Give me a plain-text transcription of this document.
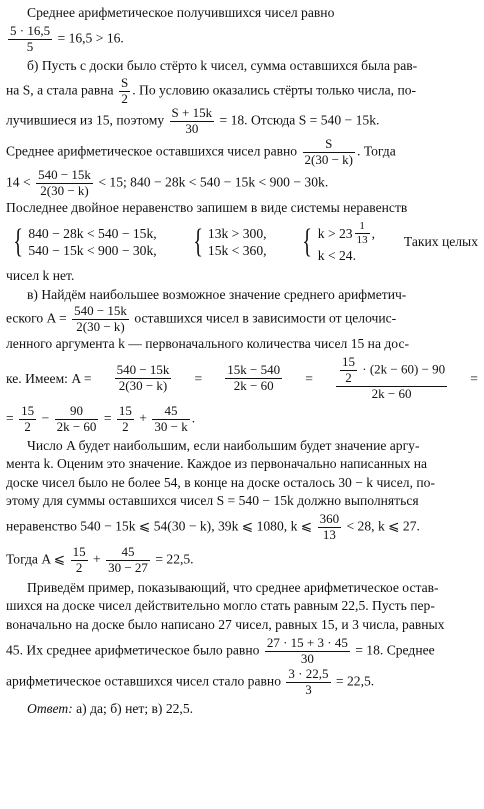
Среднее арифметическое получившихся чисел равно

$\frac{5 \cdot 16,5}{5} = 16,5 > 16$.

б) Пусть с доски было стёрто k чисел, сумма оставшихся была рав-

на S, а стала равна $\frac{S}{2}$ . По условию оказались стёрты только числа, по-

лучившиеся из 15, поэтому $\frac{S + 15k}{30} = 18$. Отсюда S = 540 − 15k.

Среднее арифметическое оставшихся чисел равно $\frac{S}{2(30 - k)}$ . Тогда

$14 < \frac{540 - 15k}{2(30 - k)} < 15$; 840 − 28k < 540 − 15k < 900 − 30k.

Последнее двойное неравенство запишем в виде системы неравенств

{ 840 − 28k < 540 − 15k,
540 − 15k < 900 − 30k, { 13k > 300,
15k < 360, { $k > 23 \frac{1}{13}$ ,
k < 24.
Таких целых

чисел k нет.

в) Найдём наибольшее возможное значение среднего арифметич-

еского $A = \frac{540 - 15k}{2(30 - k)}$ оставшихся чисел в зависимости от целочис-

ленного аргумента k — первоначального количества чисел 15 на дос-

ке. Имеем: $A = \frac{540 - 15k}{2(30 - k)} = \frac{15k - 540}{2k - 60} = \frac{\frac{15}{2} \cdot (2k - 60) - 90}{2k - 60}$ =
= $\frac{15}{2} - \frac{90}{2k - 60} = \frac{15}{2} + \frac{45}{30 - k}$ .

Число A будет наибольшим, если наибольшим будет значение аргу-

мента k. Оценим это значение. Каждое из первоначально написанных на

доске чисел было не более 54, в конце на доске осталось 30 − k чисел, по-

этому для суммы оставшихся чисел S = 540 − 15k должно выполняться

неравенство 540 − 15k ⩽ 54(30 − k), 39k ⩽ 1080, k ⩽ $\frac{360}{13} < 28$, k ⩽ 27.

Тогда A ⩽ $\frac{15}{2} + \frac{45}{30 - 27} = 22,5$.

Приведём пример, показывающий, что среднее арифметическое остав-

шихся на доске чисел действительно могло стать равным 22,5. Пусть пер-

воначально на доске было написано 27 чисел, равных 15, и 3 числа, равных

45. Их среднее арифметическое было равно $\frac{27 \cdot 15 + 3 \cdot 45}{30} = 18$. Среднее

арифметическое оставшихся чисел стало равно $\frac{3 \cdot 22,5}{3} = 22,5$.

Ответ: а) да; б) нет; в) 22,5.
